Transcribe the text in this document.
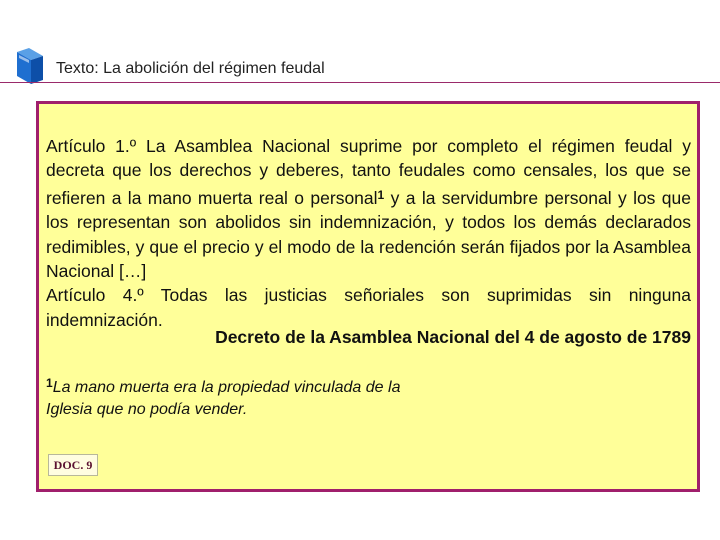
Texto: La abolición del régimen feudal

Artículo 1.º La Asamblea Nacional suprime por completo el régimen feudal y decreta que los derechos y deberes, tanto feudales como censales, los que se refieren a la mano muerta real o personal$^1$ y a la servidumbre personal y los que los representan son abolidos sin indemnización, y todos los demás declarados redimibles, y que el precio y el modo de la redención serán fijados por la Asamblea Nacional […]

Artículo 4.º Todas las justicias señoriales son suprimidas sin ninguna indemnización.

Decreto de la Asamblea Nacional del 4 de agosto de 1789
$^1$La mano muerta era la propiedad vinculada de la Iglesia que no podía vender.
DOC. 9
